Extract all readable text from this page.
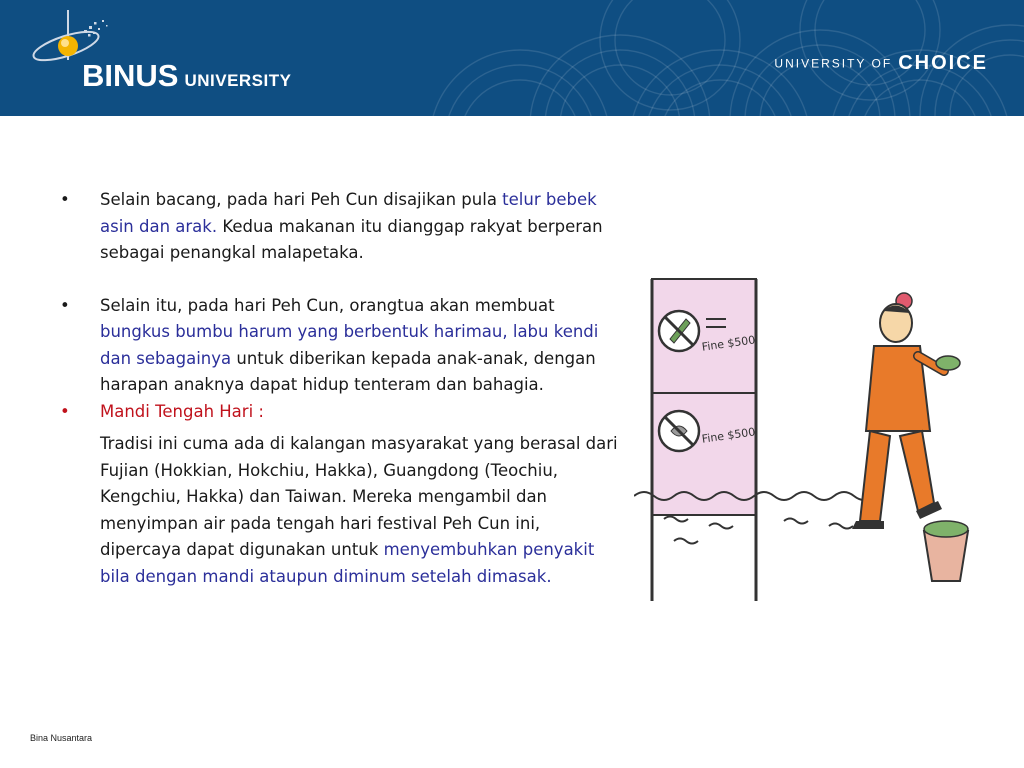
BINUS UNIVERSITY
UNIVERSITY OF CHOICE
•	Selain bacang, pada hari Peh Cun disajikan pula telur bebek asin dan arak. Kedua makanan itu dianggap rakyat berperan sebagai penangkal malapetaka.
•	Selain itu, pada hari Peh Cun, orangtua akan membuat bungkus bumbu harum yang berbentuk harimau, labu kendi dan sebagainya untuk diberikan kepada anak-anak, dengan harapan anaknya dapat hidup tenteram dan bahagia.
•	Mandi Tengah Hari :
Tradisi ini cuma ada di kalangan masyarakat yang berasal dari Fujian (Hokkian, Hokchiu, Hakka), Guangdong (Teochiu, Kengchiu, Hakka) dan Taiwan. Mereka mengambil dan menyimpan air pada tengah hari festival Peh Cun ini, dipercaya dapat digunakan untuk menyembuhkan penyakit bila dengan mandi ataupun diminum setelah dimasak.
Fine $500
Fine $500
Bina Nusantara
